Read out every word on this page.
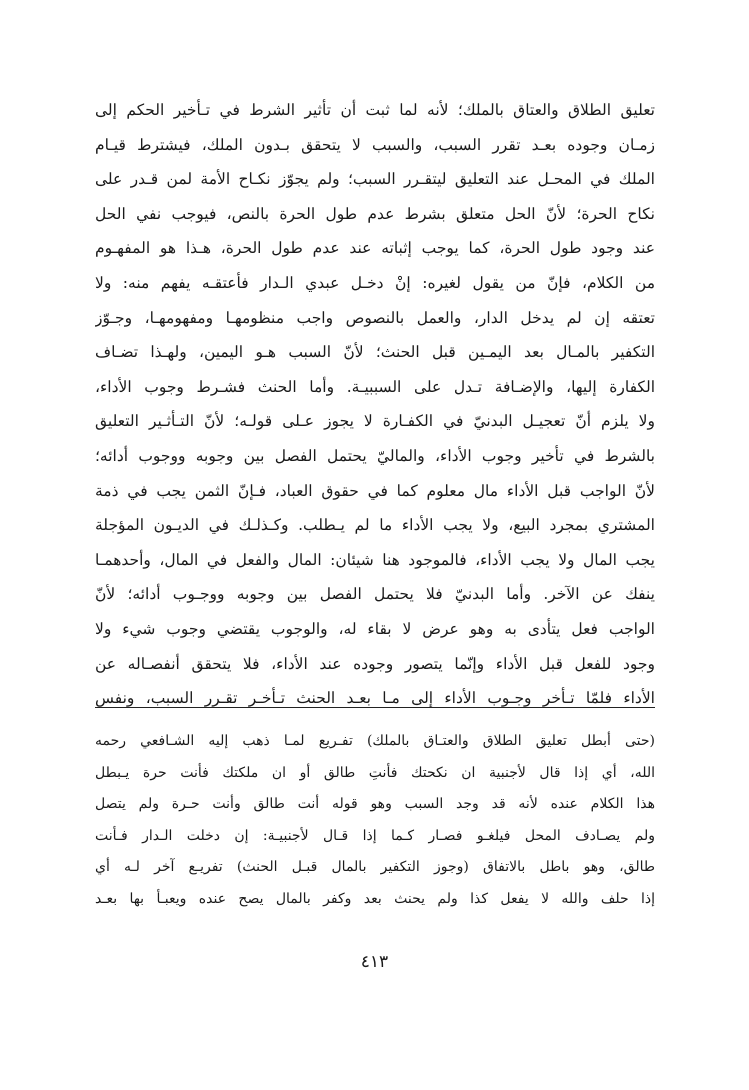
تعليق الطلاق والعتاق بالملك؛ لأنه لما ثبت أن تأثير الشرط في تـأخير الحكم إلى
زمـان وجوده بعـد تقرر السبب، والسبب لا يتحقق بـدون الملك، فيشترط قيـام
الملك في المحـل عند التعليق ليتقـرر السبب؛ ولم يجوّز نكـاح الأمة لمن قـدر على
نكاح الحرة؛ لأنّ الحل متعلق بشرط عدم طول الحرة بالنص، فيوجب نفي الحل
عند وجود طول الحرة، كما يوجب إثباته عند عدم طول الحرة، هـذا هو المفهـوم
من الكلام، فإنّ من يقول لغيره: إنْ دخـل عبدي الـدار فأعتقـه يفهم منه: ولا
تعتقه إن لم يدخل الدار، والعمل بالنصوص واجب منظومهـا ومفهومهـا، وجـوّز
التكفير بالمـال بعد اليمـين قبل الحنث؛ لأنّ السبب هـو اليمين، ولهـذا تضـاف
الكفارة إليها، والإضـافة تـدل على السببيـة. وأما الحنث فشـرط وجوب الأداء،
ولا يلزم أنّ تعجيـل البدنيّ في الكفـارة لا يجوز عـلى قولـه؛ لأنّ التـأثـير التعليق
بالشرط في تأخير وجوب الأداء، والماليّ يحتمل الفصل بين وجوبه ووجوب أدائه؛
لأنّ الواجب قبل الأداء مال معلوم كما في حقوق العباد، فـإنّ الثمن يجب في ذمة
المشتري بمجرد البيع، ولا يجب الأداء ما لم يـطلب. وكـذلـك في الديـون المؤجلة
يجب المال ولا يجب الأداء، فالموجود هنا شيئان: المال والفعل في المال، وأحدهمـا
ينفك عن الآخر. وأما البدنيّ فلا يحتمل الفصل بين وجوبه ووجـوب أدائه؛ لأنّ
الواجب فعل يتأدى به وهو عرض لا بقاء له، والوجوب يقتضي وجوب شيء ولا
وجود للفعل قبل الأداء وإنّما يتصور وجوده عند الأداء، فلا يتحقق أنفصـاله عن
الأداء فلمّا تـأخر وجـوب الأداء إلى مـا بعـد الحنث تـأخـر تقـرر السبب، ونفس
(حتى أبطل تعليق الطلاق والعتـاق بالملك) تفـريع لمـا ذهب إليه الشـافعي رحمه
الله، أي إذا قال لأجنبية ان نكحتك فأنتِ طالق أو ان ملكتك فأنت حرة يـبطل
هذا الكلام عنده لأنه قد وجد السبب وهو قوله أنت طالق وأنت حـرة ولم يتصل
ولم يصـادف المحل فيلغـو فصـار كـما إذا قـال لأجنبيـة: إن دخلت الـدار فـأنت
طالق، وهو باطل بالاتفاق (وجوز التكفير بالمال قبـل الحنث) تفريـع آخر لـه أي
إذا حلف والله لا يفعل كذا ولم يحنث بعد وكفر بالمال يصح عنده ويعبـأ بها بعـد
٤١٣
